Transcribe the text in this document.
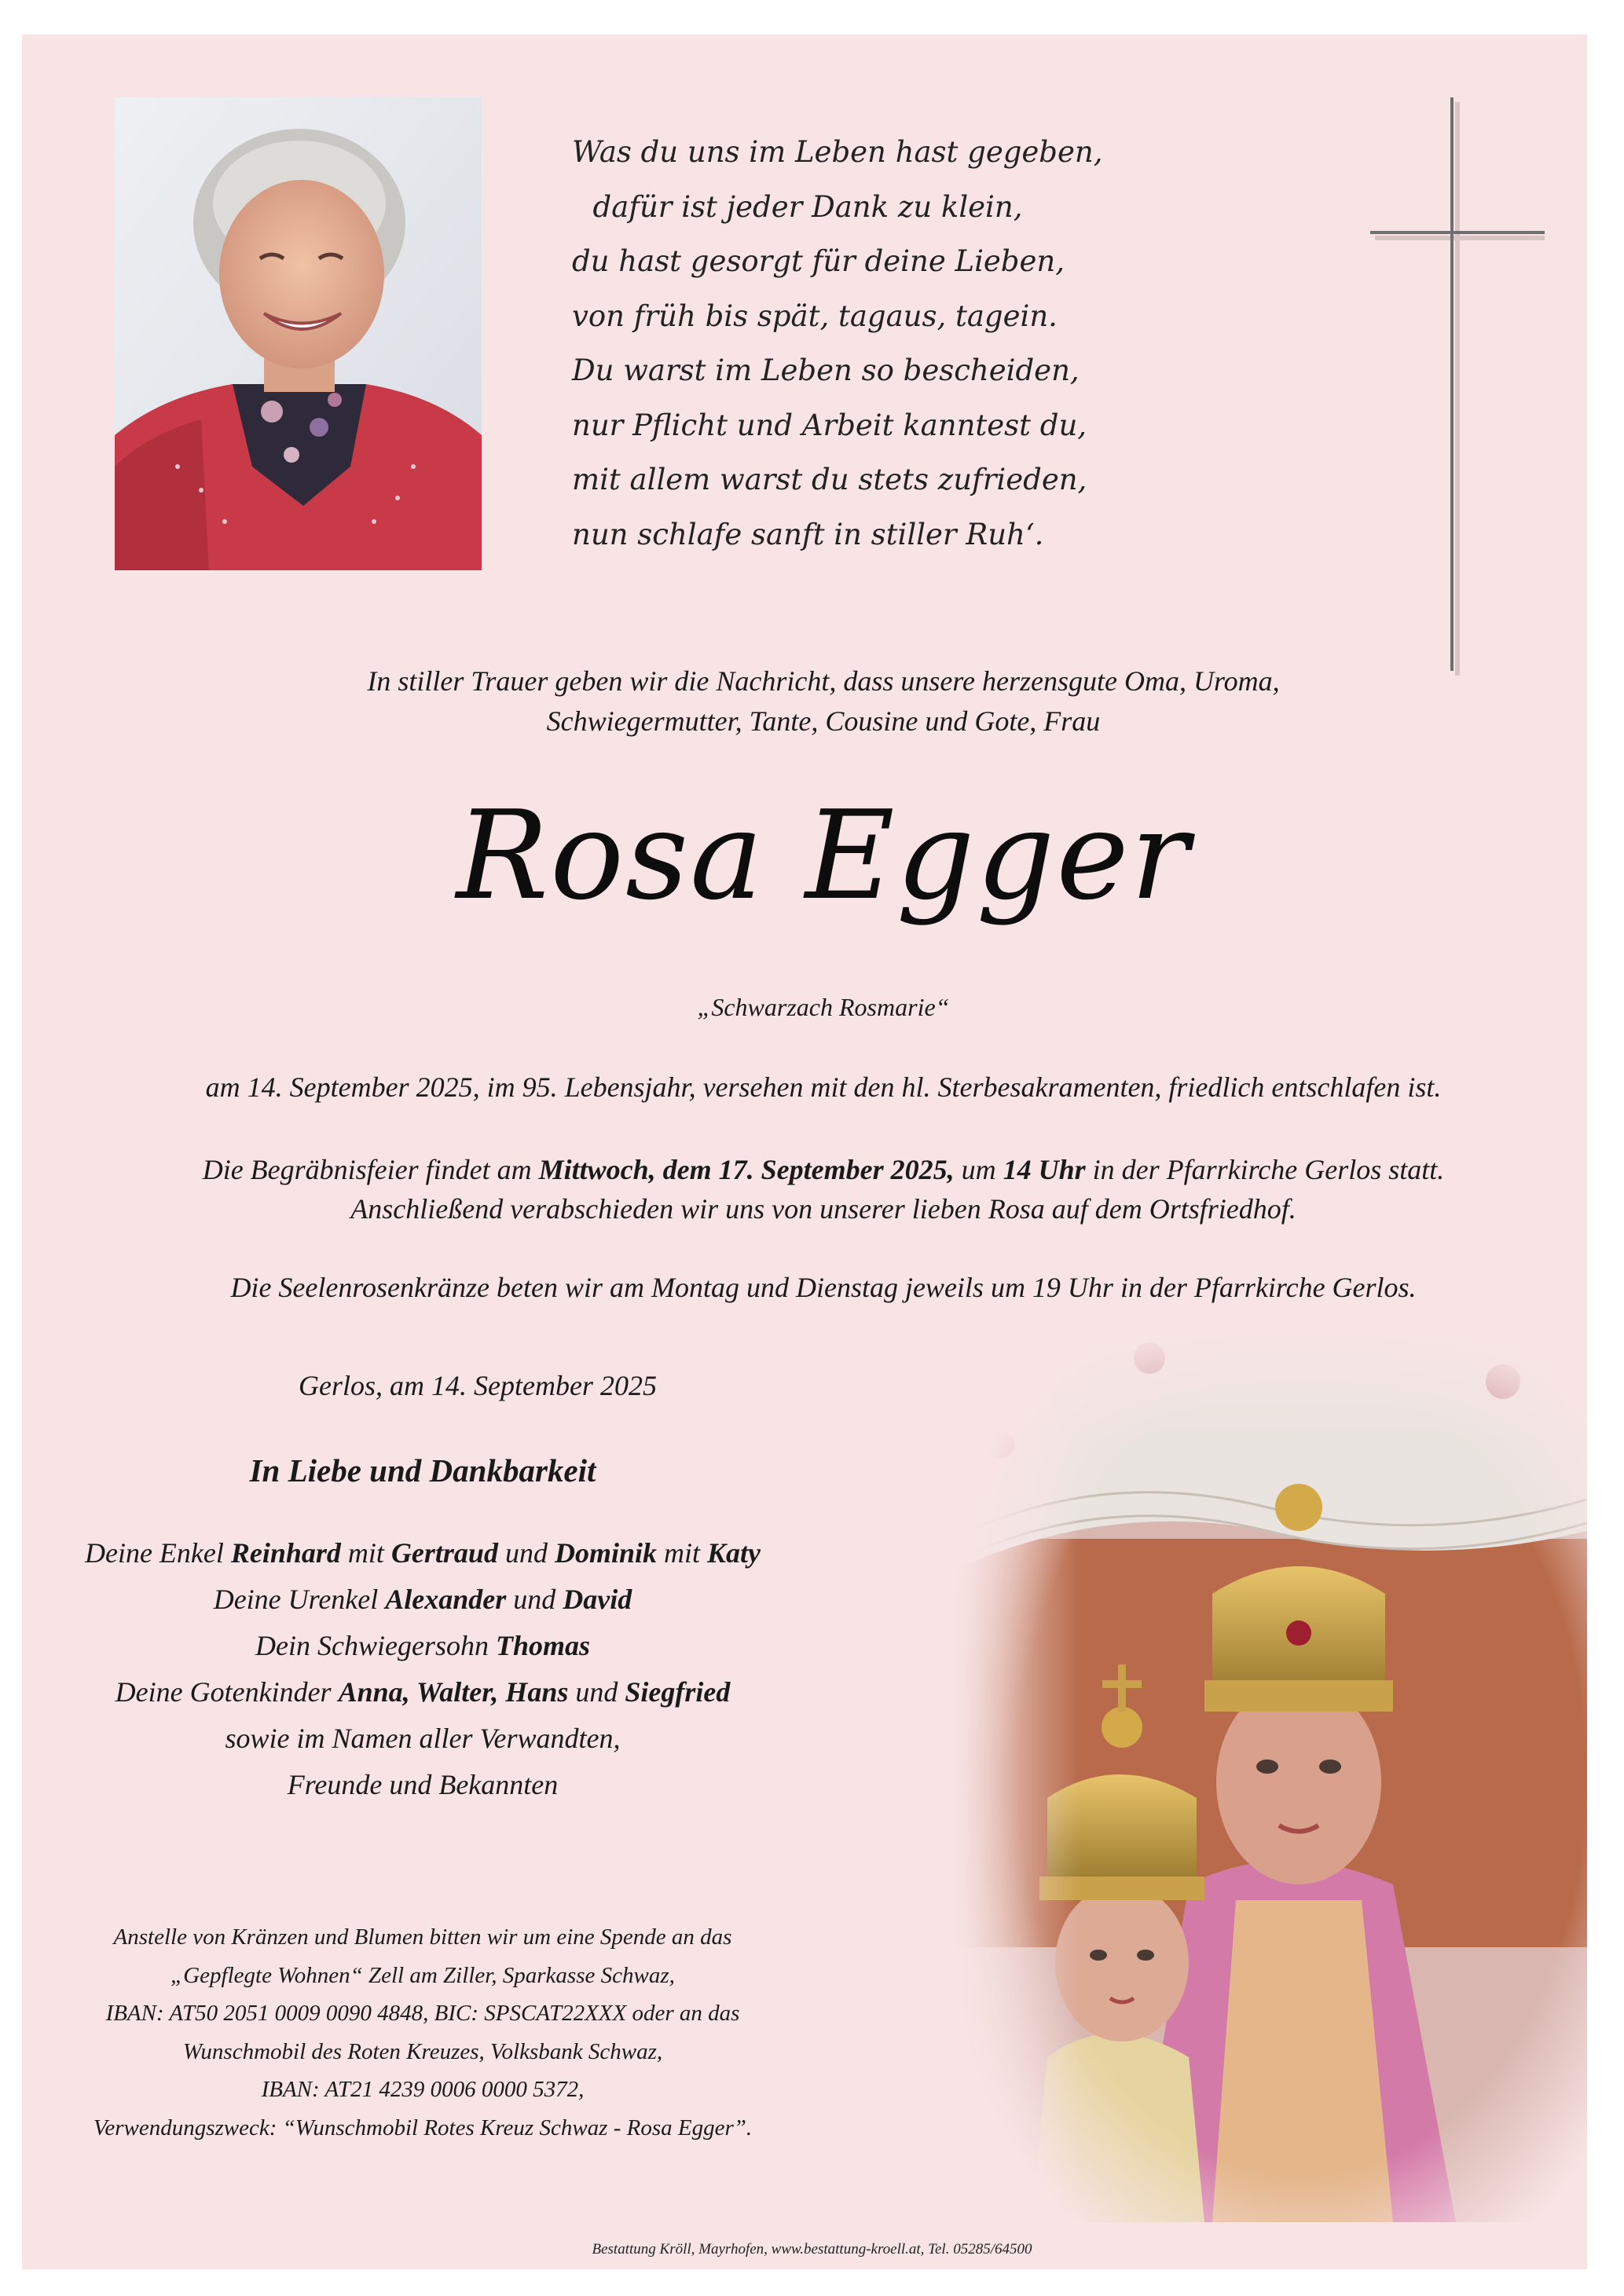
Was du uns im Leben hast gegeben,
dafür ist jeder Dank zu klein,
du hast gesorgt für deine Lieben,
von früh bis spät, tagaus, tagein.
Du warst im Leben so bescheiden,
nur Pflicht und Arbeit kanntest du,
mit allem warst du stets zufrieden,
nun schlafe sanft in stiller Ruh‘.
In stiller Trauer geben wir die Nachricht, dass unsere herzensgute Oma, Uroma,
Schwiegermutter, Tante, Cousine und Gote, Frau
Rosa Egger
„Schwarzach Rosmarie“
am 14. September 2025, im 95. Lebensjahr, versehen mit den hl. Sterbesakramenten, friedlich entschlafen ist.
Die Begräbnisfeier findet am Mittwoch, dem 17. September 2025, um 14 Uhr in der Pfarrkirche Gerlos statt.
Anschließend verabschieden wir uns von unserer lieben Rosa auf dem Ortsfriedhof.
Die Seelenrosenkränze beten wir am Montag und Dienstag jeweils um 19 Uhr in der Pfarrkirche Gerlos.
Gerlos, am 14. September 2025
In Liebe und Dankbarkeit
Deine Enkel Reinhard mit Gertraud und Dominik mit Katy
Deine Urenkel Alexander und David
Dein Schwiegersohn Thomas
Deine Gotenkinder Anna, Walter, Hans und Siegfried
sowie im Namen aller Verwandten,
Freunde und Bekannten
Anstelle von Kränzen und Blumen bitten wir um eine Spende an das
„Gepflegte Wohnen“ Zell am Ziller, Sparkasse Schwaz,
IBAN: AT50 2051 0009 0090 4848, BIC: SPSCAT22XXX oder an das
Wunschmobil des Roten Kreuzes, Volksbank Schwaz,
IBAN: AT21 4239 0006 0000 5372,
Verwendungszweck: “Wunschmobil Rotes Kreuz Schwaz - Rosa Egger”.
Bestattung Kröll, Mayrhofen, www.bestattung-kroell.at, Tel. 05285/64500
